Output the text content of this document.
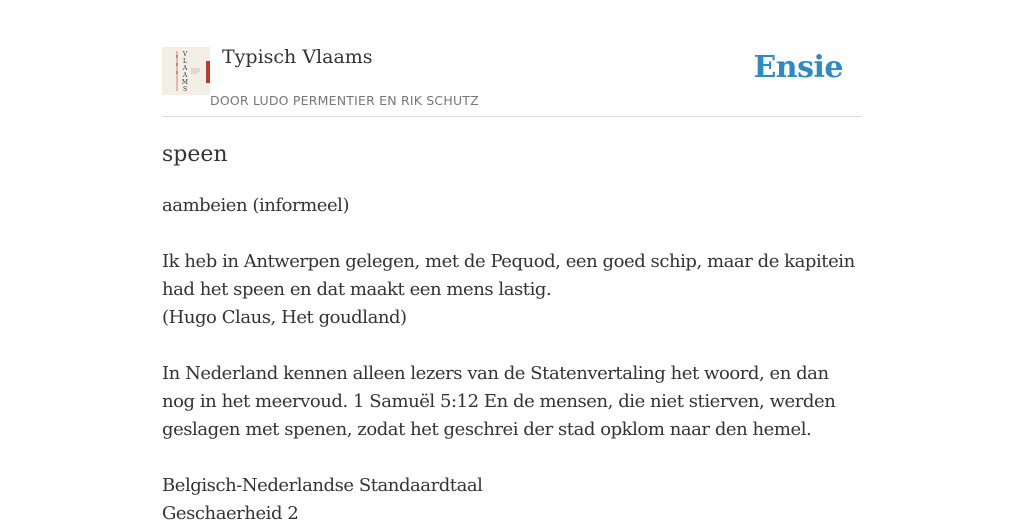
V
L
A
A
M
S
Typisch Vlaams
DOOR LUDO PERMENTIER EN RIK SCHUTZ
Ensie
speen

aambeien (informeel)

Ik heb in Antwerpen gelegen, met de Pequod, een goed schip, maar de kapitein had het speen en dat maakt een mens lastig.

(Hugo Claus, Het goudland)

In Nederland kennen alleen lezers van de Statenvertaling het woord, en dan nog in het meervoud. 1 Samuël 5:12 En de mensen, die niet stierven, werden geslagen met spenen, zodat het geschrei der stad opklom naar den hemel.

Belgisch-Nederlandse Standaardtaal

Geschaerheid 2
